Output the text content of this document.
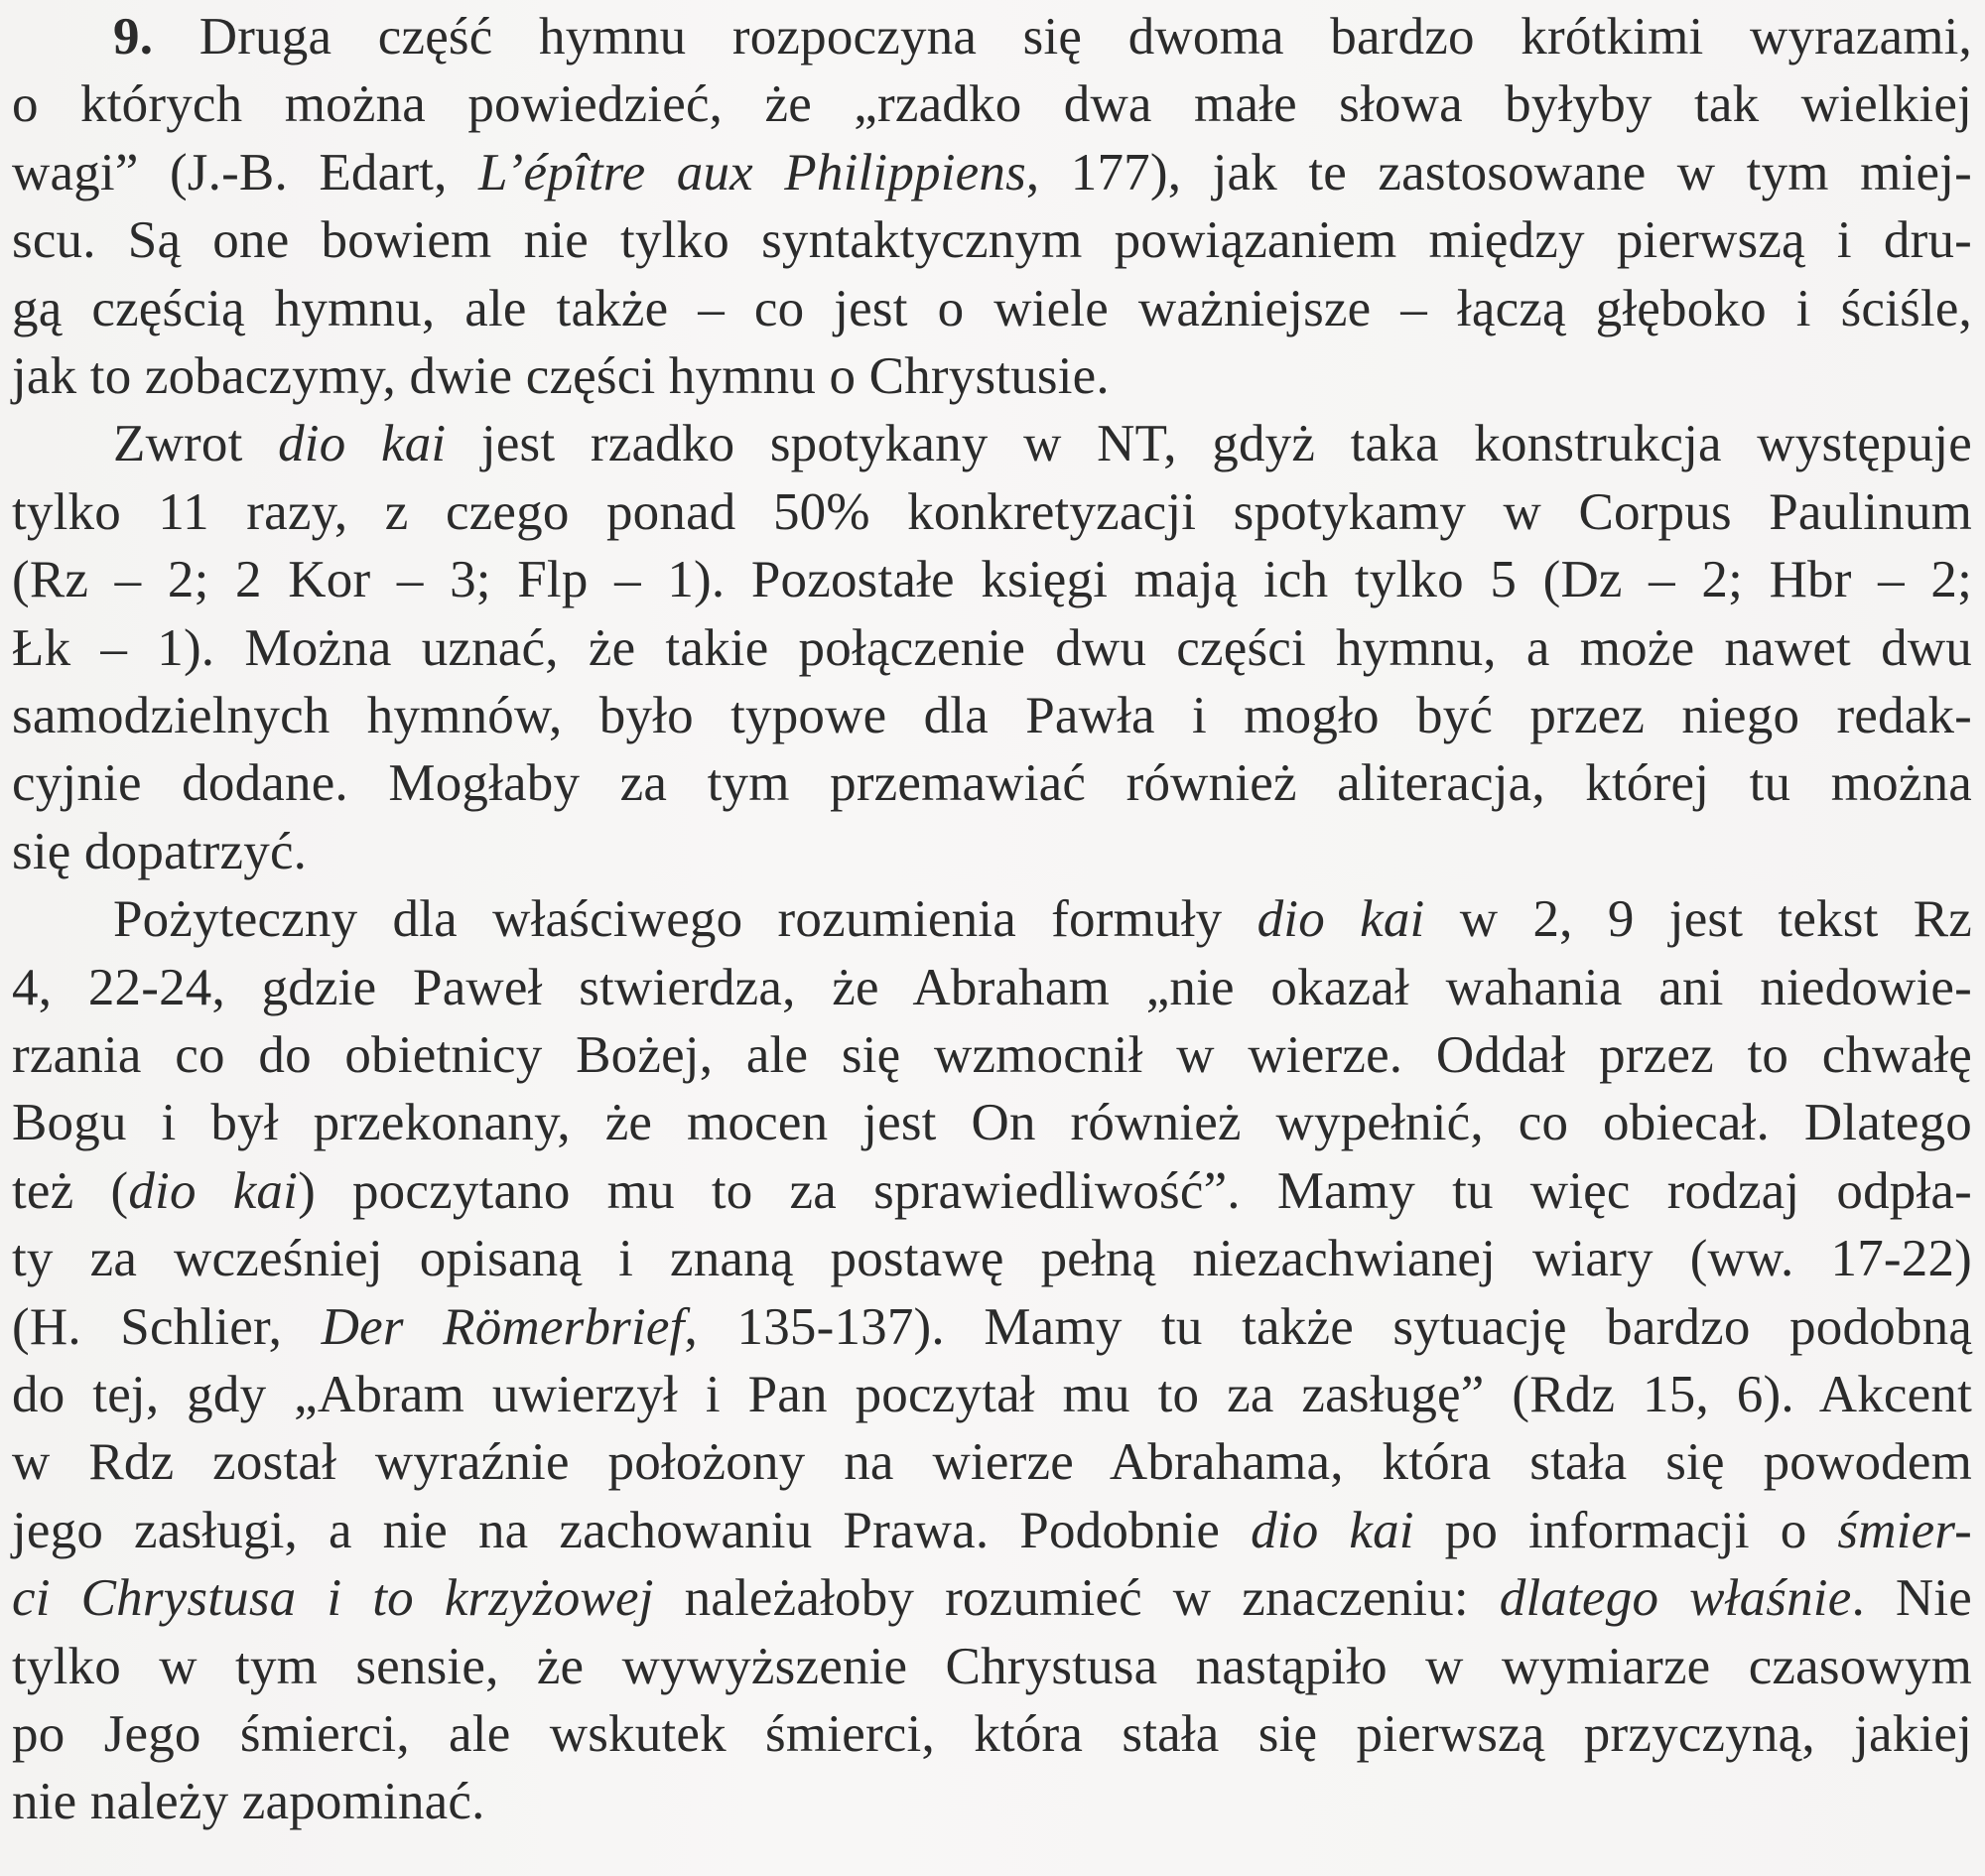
9. Druga część hymnu rozpoczyna się dwoma bardzo krótkimi wyrazami,
o których można powiedzieć, że „rzadko dwa małe słowa byłyby tak wielkiej
wagi” (J.-B. Edart, L’épître aux Philippiens, 177), jak te zastosowane w tym miej-
scu. Są one bowiem nie tylko syntaktycznym powiązaniem między pierwszą i dru-
gą częścią hymnu, ale także – co jest o wiele ważniejsze – łączą głęboko i ściśle,
jak to zobaczymy, dwie części hymnu o Chrystusie.
Zwrot dio kai jest rzadko spotykany w NT, gdyż taka konstrukcja występuje
tylko 11 razy, z czego ponad 50% konkretyzacji spotykamy w Corpus Paulinum
(Rz – 2; 2 Kor – 3; Flp – 1). Pozostałe księgi mają ich tylko 5 (Dz – 2; Hbr – 2;
Łk – 1). Można uznać, że takie połączenie dwu części hymnu, a może nawet dwu
samodzielnych hymnów, było typowe dla Pawła i mogło być przez niego redak-
cyjnie dodane. Mogłaby za tym przemawiać również aliteracja, której tu można
się dopatrzyć.
Pożyteczny dla właściwego rozumienia formuły dio kai w 2, 9 jest tekst Rz
4, 22-24, gdzie Paweł stwierdza, że Abraham „nie okazał wahania ani niedowie-
rzania co do obietnicy Bożej, ale się wzmocnił w wierze. Oddał przez to chwałę
Bogu i był przekonany, że mocen jest On również wypełnić, co obiecał. Dlatego
też (dio kai) poczytano mu to za sprawiedliwość”. Mamy tu więc rodzaj odpła-
ty za wcześniej opisaną i znaną postawę pełną niezachwianej wiary (ww. 17-22)
(H. Schlier, Der Römerbrief, 135-137). Mamy tu także sytuację bardzo podobną
do tej, gdy „Abram uwierzył i Pan poczytał mu to za zasługę” (Rdz 15, 6). Akcent
w Rdz został wyraźnie położony na wierze Abrahama, która stała się powodem
jego zasługi, a nie na zachowaniu Prawa. Podobnie dio kai po informacji o śmier-
ci Chrystusa i to krzyżowej należałoby rozumieć w znaczeniu: dlatego właśnie. Nie
tylko w tym sensie, że wywyższenie Chrystusa nastąpiło w wymiarze czasowym
po Jego śmierci, ale wskutek śmierci, która stała się pierwszą przyczyną, jakiej
nie należy zapominać.
